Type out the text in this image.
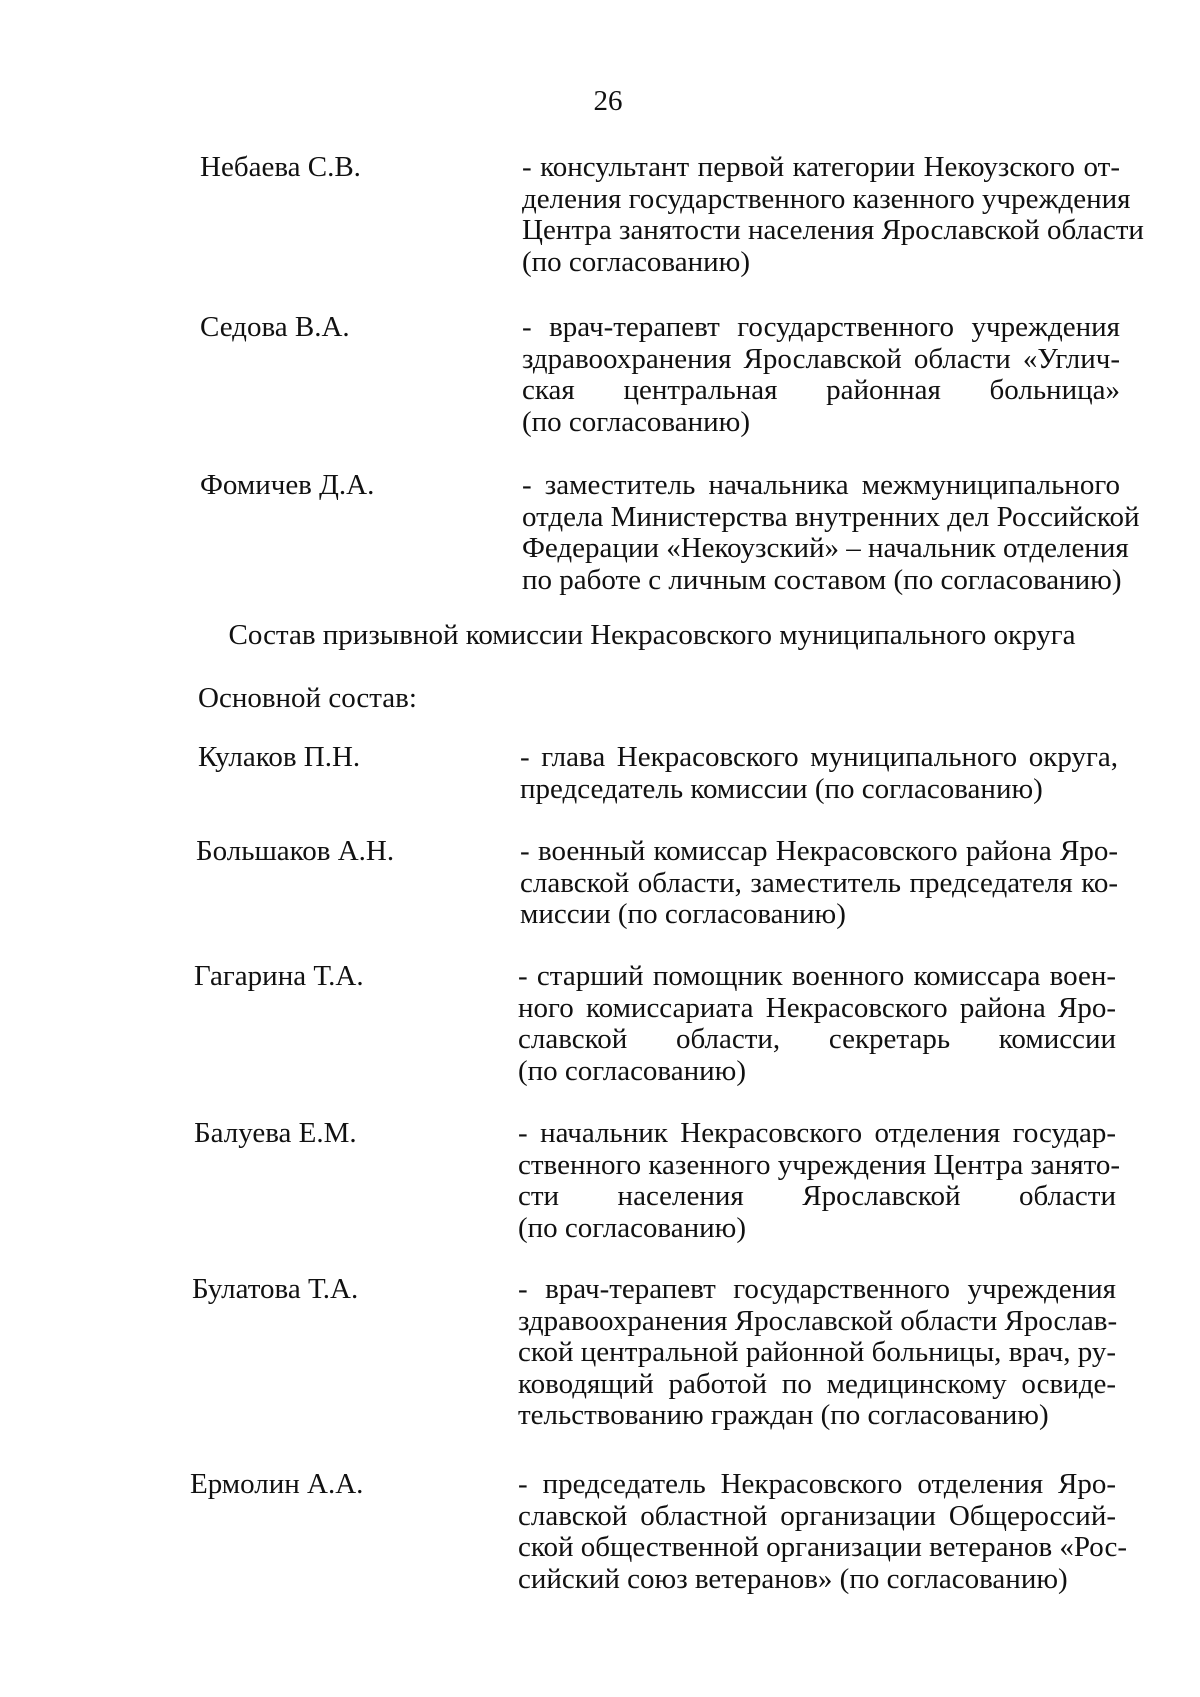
26
Небаева С.В.	- консультант первой категории Некоузского от-
деления государственного казенного учреждения
Центра занятости населения Ярославской области
(по согласованию)
Седова В.А.	- врач-терапевт государственного учреждения
здравоохранения Ярославской области «Углич-
ская центральная районная больница»
(по согласованию)
Фомичев Д.А.	- заместитель начальника межмуниципального
отдела Министерства внутренних дел Российской
Федерации «Некоузский» – начальник отделения
по работе с личным составом (по согласованию)
Состав призывной комиссии Некрасовского муниципального округа
Основной состав:
Кулаков П.Н.	- глава Некрасовского муниципального округа,
председатель комиссии (по согласованию)
Большаков А.Н.	- военный комиссар Некрасовского района Яро-
славской области, заместитель председателя ко-
миссии (по согласованию)
Гагарина Т.А.	- старший помощник военного комиссара воен-
ного комиссариата Некрасовского района Яро-
славской области, секретарь комиссии
(по согласованию)
Балуева Е.М.	- начальник Некрасовского отделения государ-
ственного казенного учреждения Центра занято-
сти населения Ярославской области
(по согласованию)
Булатова Т.А.	- врач-терапевт государственного учреждения
здравоохранения Ярославской области Ярослав-
ской центральной районной больницы, врач, ру-
ководящий работой по медицинскому освиде-
тельствованию граждан (по согласованию)
Ермолин А.А.	- председатель Некрасовского отделения Яро-
славской областной организации Общероссий-
ской общественной организации ветеранов «Рос-
сийский союз ветеранов» (по согласованию)
